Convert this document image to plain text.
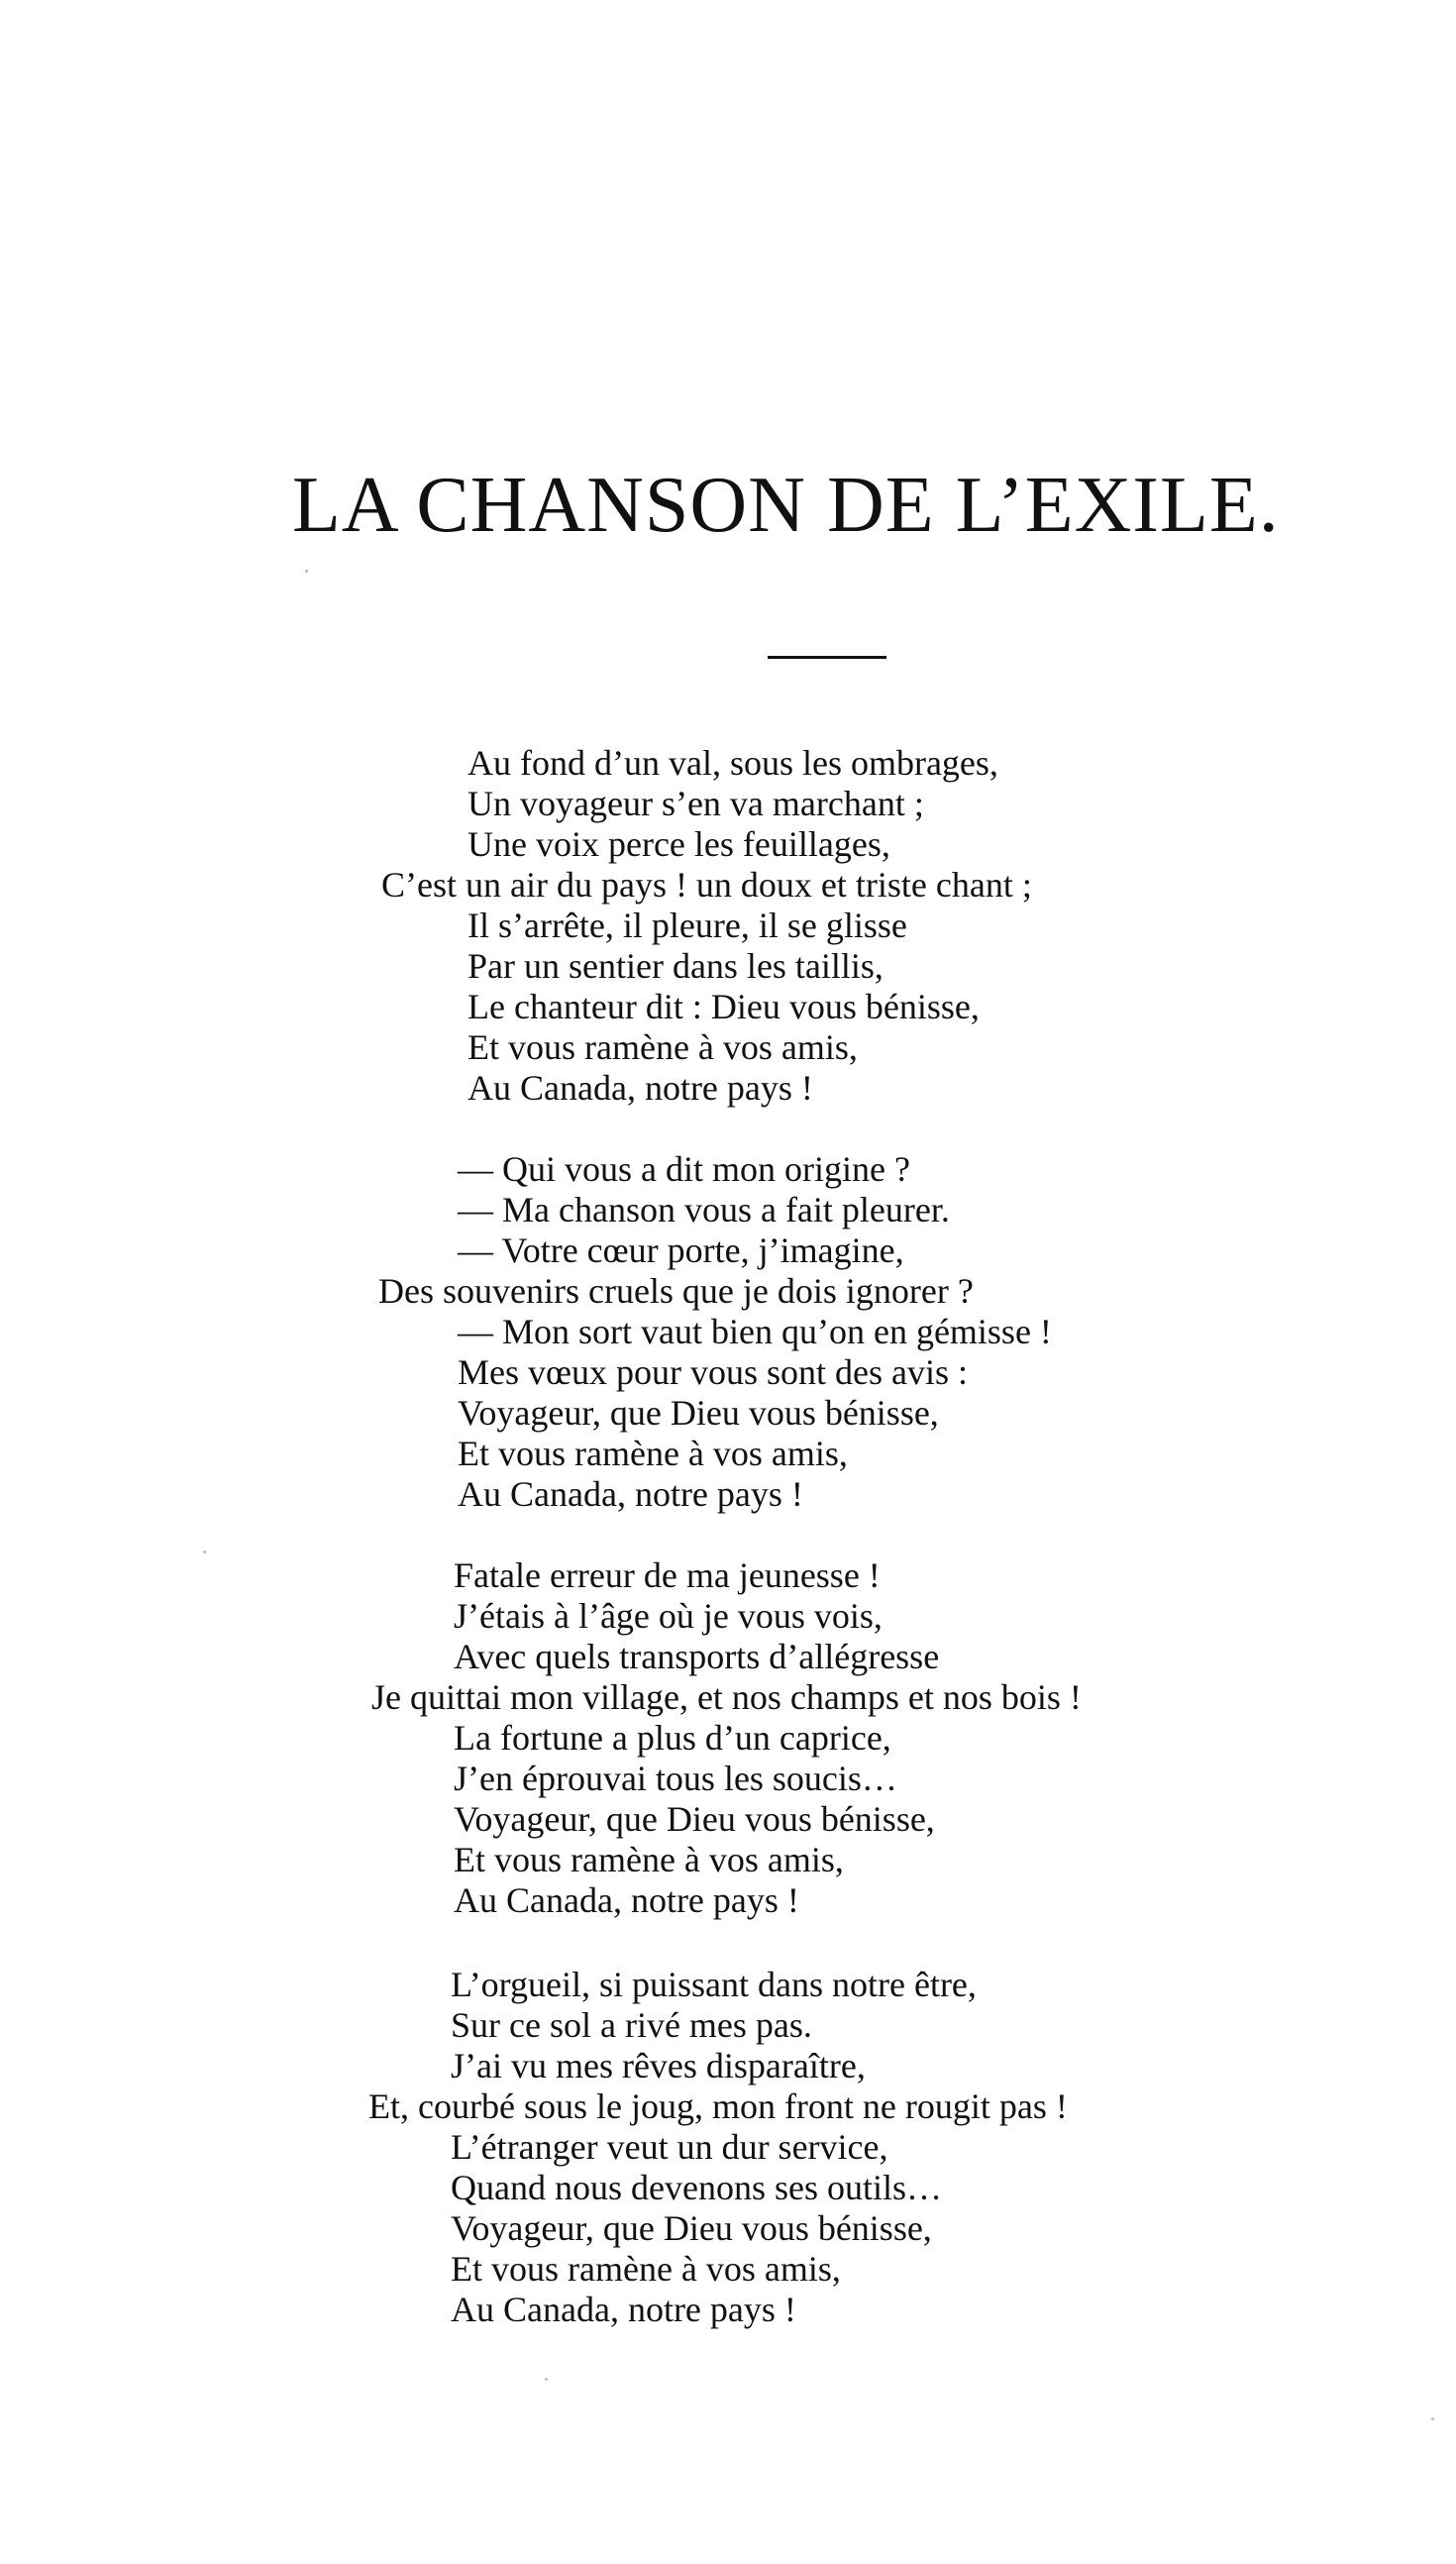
LA CHANSON DE L’EXILE.
Au fond d’un val, sous les ombrages,
Un voyageur s’en va marchant ;
Une voix perce les feuillages,
C’est un air du pays ! un doux et triste chant ;
Il s’arrête, il pleure, il se glisse
Par un sentier dans les taillis,
Le chanteur dit : Dieu vous bénisse,
Et vous ramène à vos amis,
Au Canada, notre pays !
— Qui vous a dit mon origine ?
— Ma chanson vous a fait pleurer.
— Votre cœur porte, j’imagine,
Des souvenirs cruels que je dois ignorer ?
— Mon sort vaut bien qu’on en gémisse !
Mes vœux pour vous sont des avis :
Voyageur, que Dieu vous bénisse,
Et vous ramène à vos amis,
Au Canada, notre pays !
Fatale erreur de ma jeunesse !
J’étais à l’âge où je vous vois,
Avec quels transports d’allégresse
Je quittai mon village, et nos champs et nos bois !
La fortune a plus d’un caprice,
J’en éprouvai tous les soucis…
Voyageur, que Dieu vous bénisse,
Et vous ramène à vos amis,
Au Canada, notre pays !
L’orgueil, si puissant dans notre être,
Sur ce sol a rivé mes pas.
J’ai vu mes rêves disparaître,
Et, courbé sous le joug, mon front ne rougit pas !
L’étranger veut un dur service,
Quand nous devenons ses outils…
Voyageur, que Dieu vous bénisse,
Et vous ramène à vos amis,
Au Canada, notre pays !
